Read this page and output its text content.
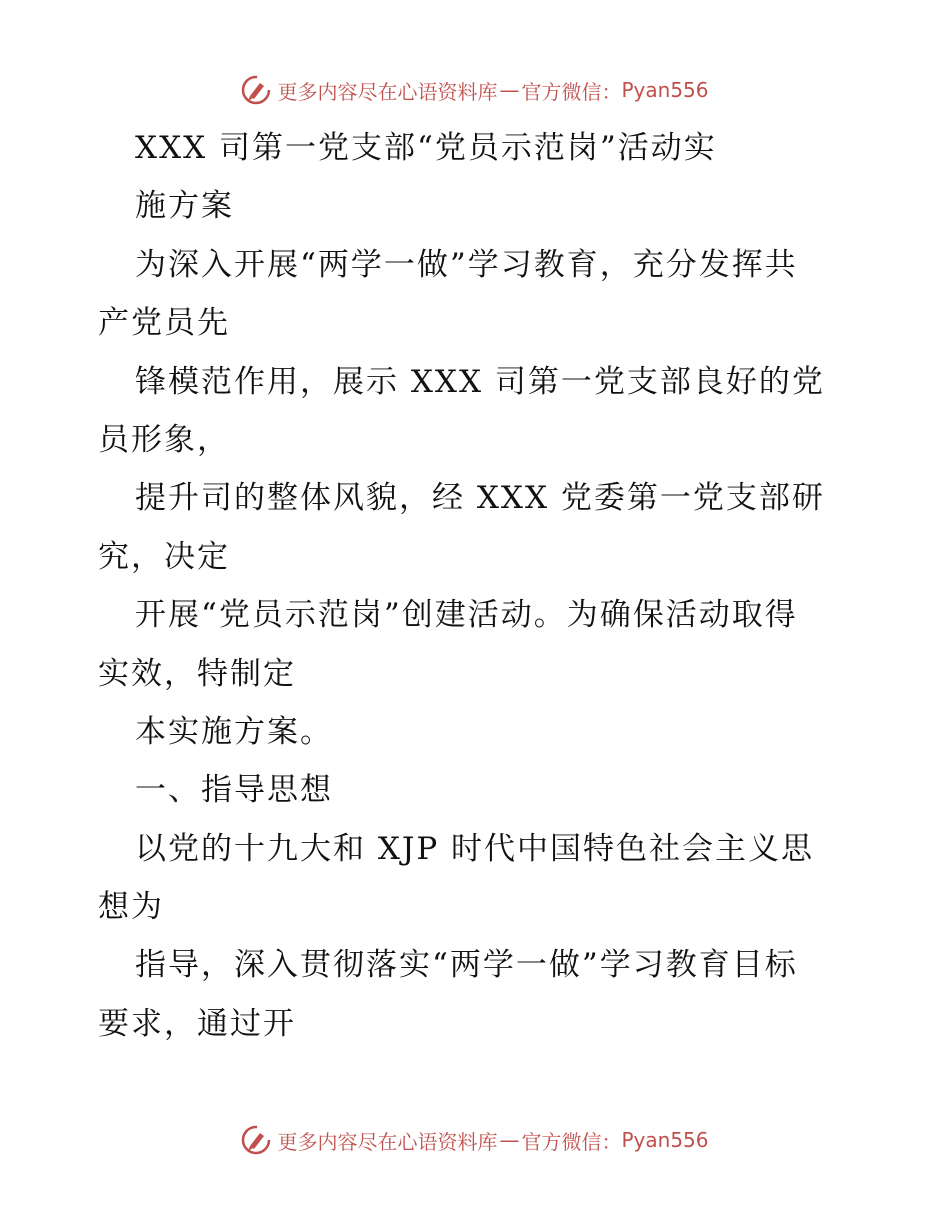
更多内容尽在心语资料库 — 官方微信： Pyan556
XXX 司第一党支部“党员示范岗”活动实
施方案
为深入开展“两学一做”学习教育，充分发挥共
产党员先
锋模范作用，展示 XXX 司第一党支部良好的党
员形象，
提升司的整体风貌，经 XXX 党委第一党支部研
究，决定
开展“党员示范岗”创建活动。为确保活动取得
实效，特制定
本实施方案。
一、指导思想
以党的十九大和 XJP 时代中国特色社会主义思
想为
指导，深入贯彻落实“两学一做”学习教育目标
要求，通过开
更多内容尽在心语资料库 — 官方微信： Pyan556
